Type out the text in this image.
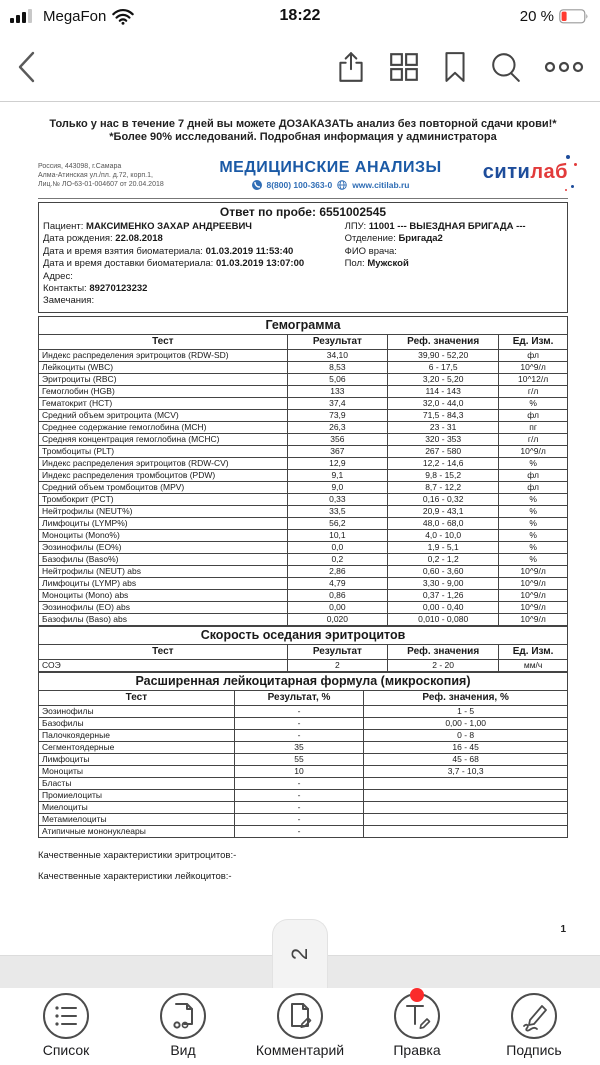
MegaFon	18:22	20 %
Только у нас в течение 7 дней вы можете ДОЗАКАЗАТЬ анализ без повторной сдачи крови!*
*Более 90% исследований. Подробная информация у администратора
Россия, 443098, г.Самара
Алма-Атинская ул./пл. д.72, корп.1,
Лиц.№ ЛО-63-01-004607 от 20.04.2018
МЕДИЦИНСКИЕ АНАЛИЗЫ
8(800) 100-363-0 www.citilab.ru
ситилаб
Ответ по пробе: 6551002545
Пациент: МАКСИМЕНКО ЗАХАР АНДРЕЕВИЧ
Дата рождения: 22.08.2018
Дата и время взятия биоматериала: 01.03.2019 11:53:40
Дата и время доставки биоматериала: 01.03.2019 13:07:00
Адрес:
Контакты: 89270123232
Замечания:
ЛПУ: 11001 --- ВЫЕЗДНАЯ БРИГАДА ---
Отделение: Бригада2
ФИО врача:
Пол: Мужской
Гемограмма			
Тест	Результат	Реф. значения	Ед. Изм.
Индекс распределения эритроцитов (RDW-SD)	34,10	39,90 - 52,20	фл
Лейкоциты (WBC)	8,53	6 - 17,5	10^9/л
Эритроциты (RBC)	5,06	3,20 - 5,20	10^12/л
Гемоглобин (HGB)	133	114 - 143	г/л
Гематокрит (HCT)	37,4	32,0 - 44,0	%
Средний объем эритроцита (MCV)	73,9	71,5 - 84,3	фл
Среднее содержание гемоглобина (MCH)	26,3	23 - 31	пг
Средняя концентрация гемоглобина (MCHC)	356	320 - 353	г/л
Тромбоциты (PLT)	367	267 - 580	10^9/л
Индекс распределения эритроцитов (RDW-CV)	12,9	12,2 - 14,6	%
Индекс распределения тромбоцитов (PDW)	9,1	9,8 - 15,2	фл
Средний объем тромбоцитов (MPV)	9,0	8,7 - 12,2	фл
Тромбокрит (PCT)	0,33	0,16 - 0,32	%
Нейтрофилы (NEUT%)	33,5	20,9 - 43,1	%
Лимфоциты (LYMP%)	56,2	48,0 - 68,0	%
Моноциты (Mono%)	10,1	4,0 - 10,0	%
Эозинофилы (EO%)	0,0	1,9 - 5,1	%
Базофилы (Baso%)	0,2	0,2 - 1,2	%
Нейтрофилы (NEUT) abs	2,86	0,60 - 3,60	10^9/л
Лимфоциты (LYMP) abs	4,79	3,30 - 9,00	10^9/л
Моноциты (Mono) abs	0,86	0,37 - 1,26	10^9/л
Эозинофилы (EO) abs	0,00	0,00 - 0,40	10^9/л
Базофилы (Baso) abs	0,020	0,010 - 0,080	10^9/л
Скорость оседания эритроцитов			
Тест	Результат	Реф. значения	Ед. Изм.
СОЭ	2	2 - 20	мм/ч
Расширенная лейкоцитарная формула (микроскопия)		
Тест	Результат, %	Реф. значения, %
Эозинофилы	-	1 - 5
Базофилы	-	0,00 - 1,00
Палочкоядерные	-	0 - 8
Сегментоядерные	35	16 - 45
Лимфоциты	55	45 - 68
Моноциты	10	3,7 - 10,3
Бласты	-	
Промиелоциты	-	
Миелоциты	-	
Метамиелоциты	-	
Атипичные мононуклеары	-	
Качественные характеристики эритроцитов:-
Качественные характеристики лейкоцитов:-
1
2
Список	Вид	Комментарий	Правка	Подпись
